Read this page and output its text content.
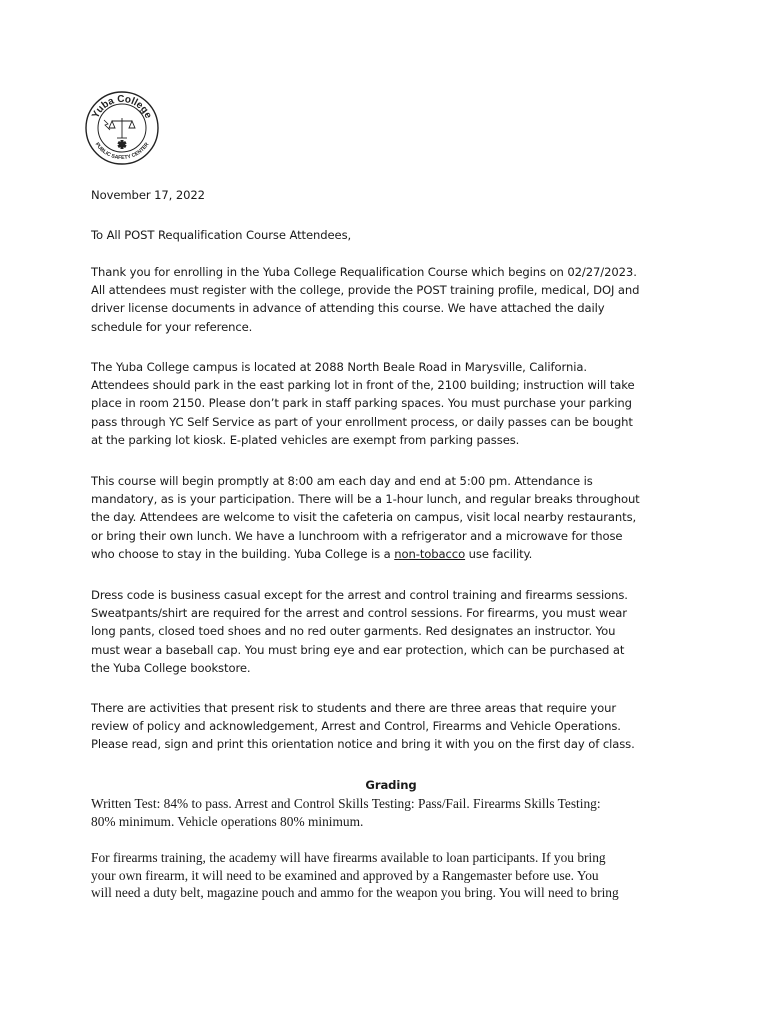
Yuba College
PUBLIC SAFETY CENTER

November 17, 2022

To All POST Requalification Course Attendees,

Thank you for enrolling in the Yuba College Requalification Course which begins on 02/27/2023.
All attendees must register with the college, provide the POST training profile, medical, DOJ and
driver license documents in advance of attending this course. We have attached the daily
schedule for your reference.
The Yuba College campus is located at 2088 North Beale Road in Marysville, California.
Attendees should park in the east parking lot in front of the, 2100 building; instruction will take
place in room 2150. Please don’t park in staff parking spaces. You must purchase your parking
pass through YC Self Service as part of your enrollment process, or daily passes can be bought
at the parking lot kiosk. E-plated vehicles are exempt from parking passes.
This course will begin promptly at 8:00 am each day and end at 5:00 pm. Attendance is
mandatory, as is your participation. There will be a 1-hour lunch, and regular breaks throughout
the day. Attendees are welcome to visit the cafeteria on campus, visit local nearby restaurants,
or bring their own lunch. We have a lunchroom with a refrigerator and a microwave for those
who choose to stay in the building. Yuba College is a non-tobacco use facility.
Dress code is business casual except for the arrest and control training and firearms sessions.
Sweatpants/shirt are required for the arrest and control sessions. For firearms, you must wear
long pants, closed toed shoes and no red outer garments. Red designates an instructor. You
must wear a baseball cap. You must bring eye and ear protection, which can be purchased at
the Yuba College bookstore.
There are activities that present risk to students and there are three areas that require your
review of policy and acknowledgement, Arrest and Control, Firearms and Vehicle Operations.
Please read, sign and print this orientation notice and bring it with you on the first day of class.

Grading

Written Test: 84% to pass. Arrest and Control Skills Testing: Pass/Fail. Firearms Skills Testing:
80% minimum. Vehicle operations 80% minimum.
For firearms training, the academy will have firearms available to loan participants. If you bring
your own firearm, it will need to be examined and approved by a Rangemaster before use. You
will need a duty belt, magazine pouch and ammo for the weapon you bring. You will need to bring
